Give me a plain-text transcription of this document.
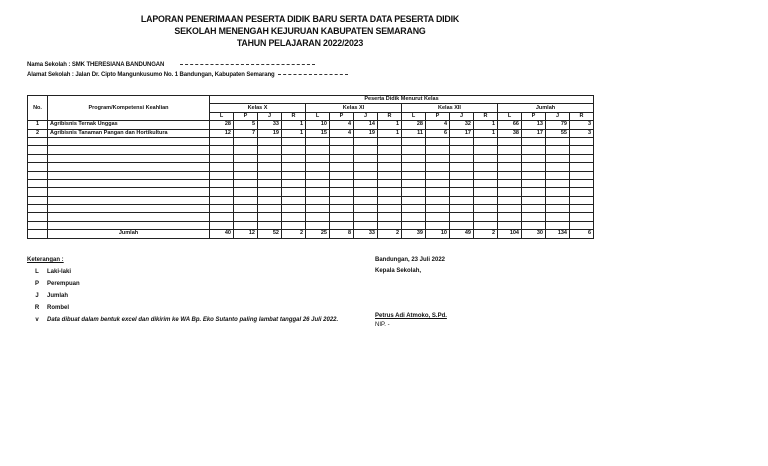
LAPORAN PENERIMAAN PESERTA DIDIK BARU SERTA DATA PESERTA DIDIK
SEKOLAH MENENGAH KEJURUAN KABUPATEN SEMARANG
TAHUN PELAJARAN 2022/2023
Nama Sekolah : SMK THERESIANA BANDUNGAN
Alamat Sekolah : Jalan Dr. Cipto Mangunkusumo No. 1 Bandungan, Kabupaten Semarang
No.	Program/Kompetensi Keahlian	Peserta Didik Menurut Kelas															
		Kelas X				Kelas XI				Kelas XII				Jumlah			
		L	P	J	R	L	P	J	R	L	P	J	R	L	P	J	R
1	Agribisnis Ternak Unggas	28	5	33	1	10	4	14	1	28	4	32	1	66	13	79	3
2	Agribisnis Tanaman Pangan dan Hortikultura	12	7	19	1	15	4	19	1	11	6	17	1	38	17	55	3

	Jumlah	40	12	52	2	25	8	33	2	39	10	49	2	104	30	134	6
Keterangan :
L	Laki-laki
P	Perempuan
J	Jumlah
R	Rombel
v	Data dibuat dalam bentuk excel dan dikirim ke WA Bp. Eko Sutanto paling lambat tanggal 26 Juli 2022.
Bandungan, 23 Juli 2022
Kepala Sekolah,
Petrus Adi Atmoko, S.Pd.
NIP. -
